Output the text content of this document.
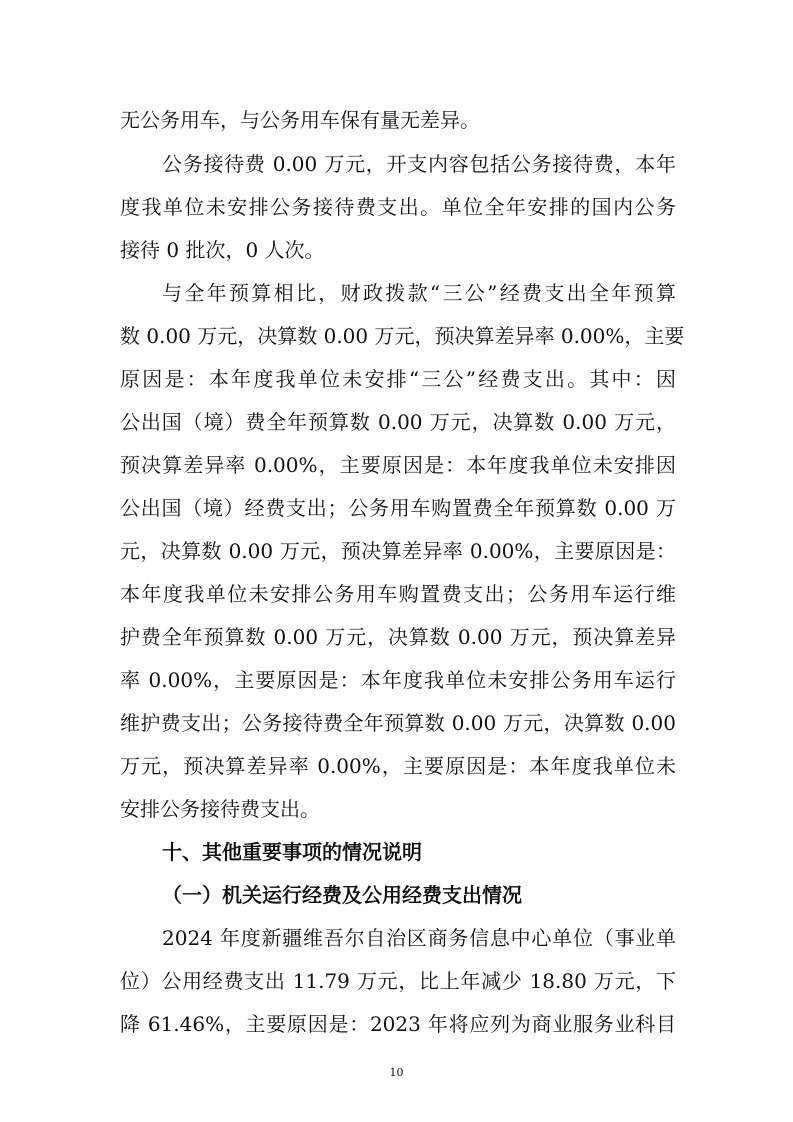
无公务用车，与公务用车保有量无差异。
公务接待费 0.00 万元，开支内容包括公务接待费，本年
度我单位未安排公务接待费支出。单位全年安排的国内公务
接待 0 批次，0 人次。
与全年预算相比，财政拨款“三公”经费支出全年预算
数 0.00 万元，决算数 0.00 万元，预决算差异率 0.00%，主要
原因是：本年度我单位未安排“三公”经费支出。其中：因
公出国（境）费全年预算数 0.00 万元，决算数 0.00 万元，
预决算差异率 0.00%，主要原因是：本年度我单位未安排因
公出国（境）经费支出；公务用车购置费全年预算数 0.00 万
元，决算数 0.00 万元，预决算差异率 0.00%，主要原因是：
本年度我单位未安排公务用车购置费支出；公务用车运行维
护费全年预算数 0.00 万元，决算数 0.00 万元，预决算差异
率 0.00%，主要原因是：本年度我单位未安排公务用车运行
维护费支出；公务接待费全年预算数 0.00 万元，决算数 0.00
万元，预决算差异率 0.00%，主要原因是：本年度我单位未
安排公务接待费支出。
十、其他重要事项的情况说明
（一）机关运行经费及公用经费支出情况
2024 年度新疆维吾尔自治区商务信息中心单位（事业单
位）公用经费支出 11.79 万元，比上年减少 18.80 万元，下
降 61.46%，主要原因是：2023 年将应列为商业服务业科目
10
